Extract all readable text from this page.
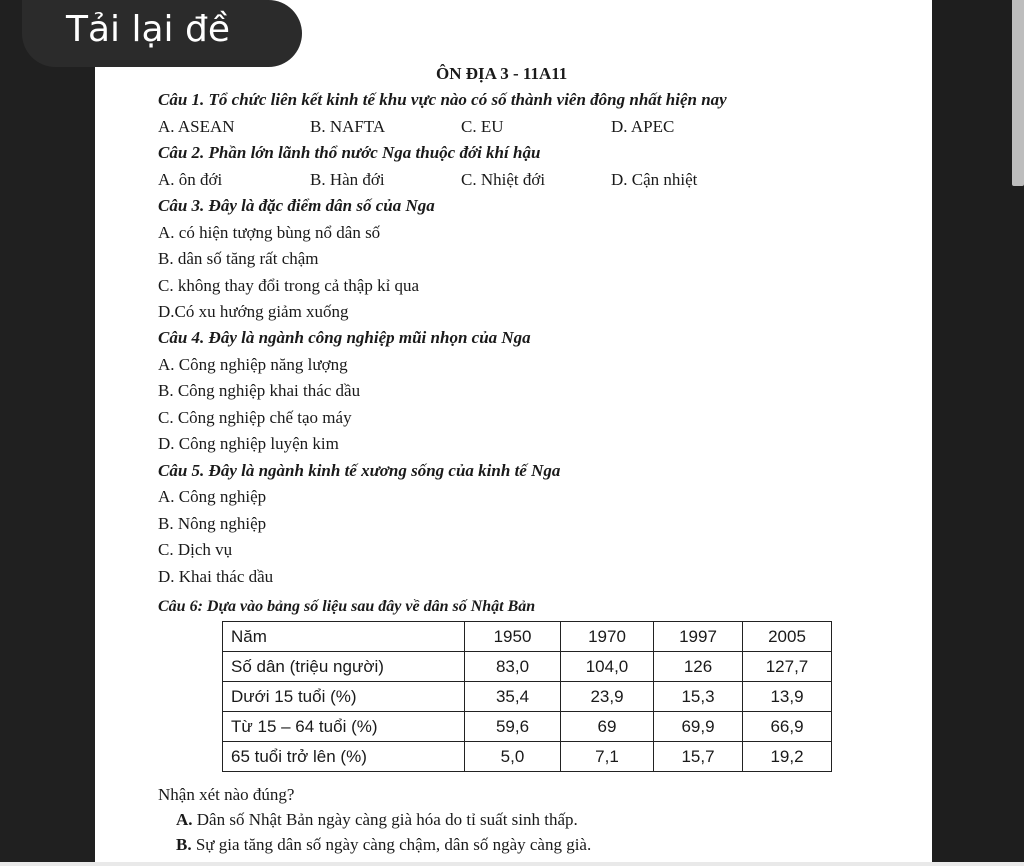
Tải lại đề
ÔN ĐỊA 3 - 11A11
Câu 1. Tổ chức liên kết kinh tế khu vực nào có số thành viên đông nhất hiện nay
A. ASEAN	B. NAFTA	C. EU	D. APEC
Câu 2. Phần lớn lãnh thổ nước Nga thuộc đới khí hậu
A. ôn đới	B. Hàn đới	C. Nhiệt đới	D. Cận nhiệt
Câu 3. Đây là đặc điểm dân số của Nga
A. có hiện tượng bùng nổ dân số
B. dân số tăng rất chậm
C. không thay đổi trong cả thập kỉ qua
D.Có xu hướng giảm xuống
Câu 4. Đây là ngành công nghiệp mũi nhọn của Nga
A. Công nghiệp năng lượng
B. Công nghiệp khai thác dầu
C. Công nghiệp chế tạo máy
D. Công nghiệp luyện kim
Câu 5. Đây là ngành kinh tế xương sống của kinh tế Nga
A. Công nghiệp
B. Nông nghiệp
C. Dịch vụ
D. Khai thác dầu
Câu 6: Dựa vào bảng số liệu sau đây về dân số Nhật Bản
Năm	1950	1970	1997	2005
Số dân (triệu người)	83,0	104,0	126	127,7
Dưới 15 tuổi (%)	35,4	23,9	15,3	13,9
Từ 15 – 64 tuổi (%)	59,6	69	69,9	66,9
65 tuổi trở lên (%)	5,0	7,1	15,7	19,2
Nhận xét nào đúng?
A. Dân số Nhật Bản ngày càng già hóa do tỉ suất sinh thấp.
B. Sự gia tăng dân số ngày càng chậm, dân số ngày càng già.
